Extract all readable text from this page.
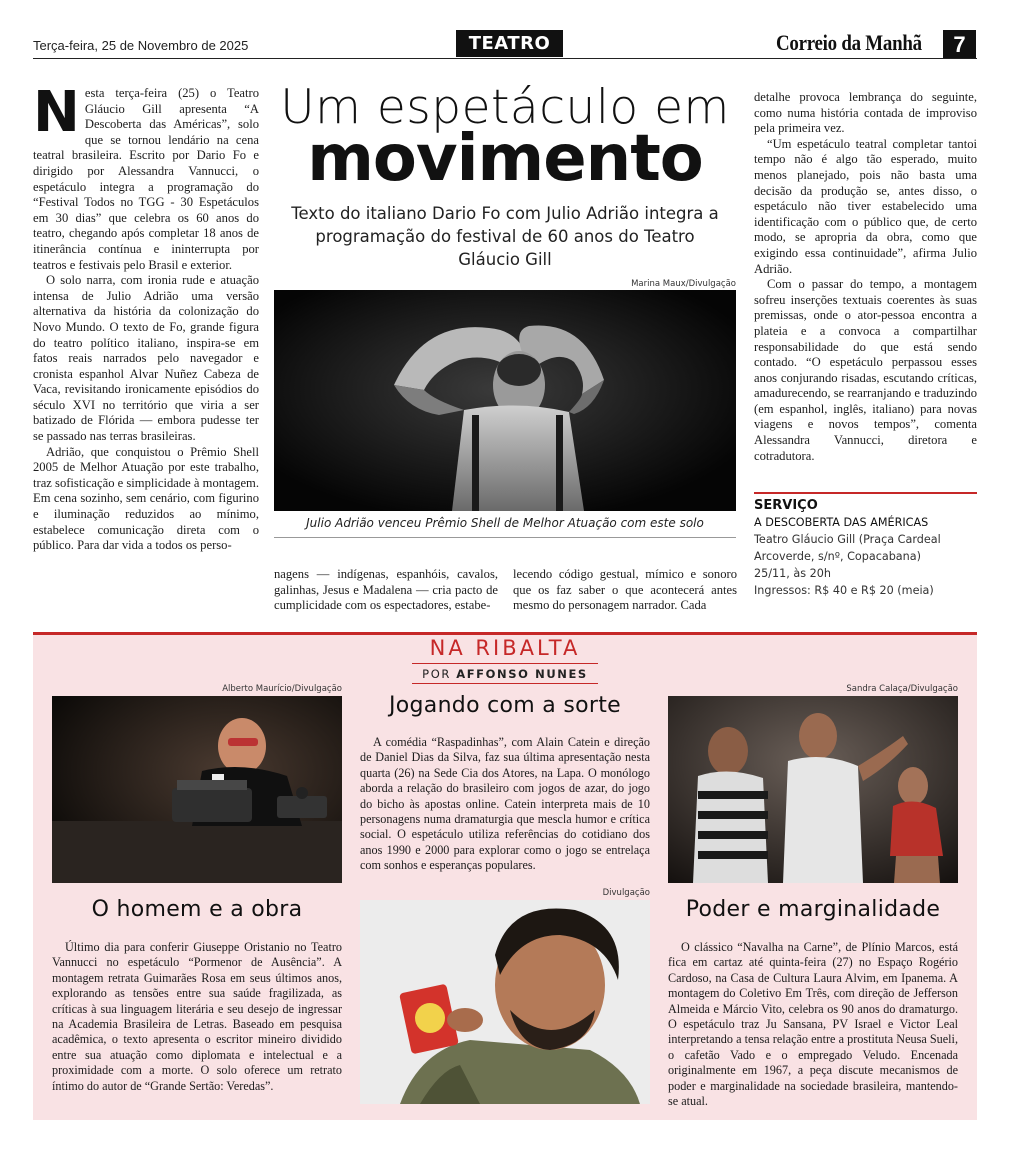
Terça-feira, 25 de Novembro de 2025	TEATRO	Correio da Manhã	7

Nesta terça-feira (25) o Teatro Gláucio Gill apresenta “A Descoberta das Américas”, solo que se tornou lendário na cena teatral brasileira. Escrito por Dario Fo e dirigido por Alessandra Vannucci, o espetáculo integra a programação do “Festival Todos no TGG - 30 Espetáculos em 30 dias” que celebra os 60 anos do teatro, chegando após completar 18 anos de itinerância contínua e ininterrupta por teatros e festivais pelo Brasil e exterior.

O solo narra, com ironia rude e atuação intensa de Julio Adrião uma versão alternativa da história da colonização do Novo Mundo. O texto de Fo, grande figura do teatro político italiano, inspira-se em fatos reais narrados pelo navegador e cronista espanhol Alvar Nuñez Cabeza de Vaca, revisitando ironicamente episódios do século XVI no território que viria a ser batizado de Flórida — embora pudesse ter se passado nas terras brasileiras.

Adrião, que conquistou o Prêmio Shell 2005 de Melhor Atuação por este trabalho, traz sofisticação e simplicidade à montagem. Em cena sozinho, sem cenário, com figurino e iluminação reduzidos ao mínimo, estabelece comunicação direta com o público. Para dar vida a todos os perso-

Um espetáculo em
movimento
Texto do italiano Dario Fo com Julio Adrião integra a programação do festival de 60 anos do Teatro Gláucio Gill
Marina Maux/Divulgação
Julio Adrião venceu Prêmio Shell de Melhor Atuação com este solo

nagens — indígenas, espanhóis, cavalos, galinhas, Jesus e Madalena — cria pacto de cumplicidade com os espectadores, estabe-

lecendo código gestual, mímico e sonoro que os faz saber o que acontecerá antes mesmo do personagem narrador. Cada

detalhe provoca lembrança do seguinte, como numa história contada de improviso pela primeira vez.

“Um espetáculo teatral completar tantoi tempo não é algo tão esperado, muito menos planejado, pois não basta uma decisão da produção se, antes disso, o espetáculo não tiver estabelecido uma identificação com o público que, de certo modo, se apropria da obra, como que exigindo essa continuidade”, afirma Julio Adrião.

Com o passar do tempo, a montagem sofreu inserções textuais coerentes às suas premissas, onde o ator-pessoa encontra a plateia e a convoca a compartilhar responsabilidade do que está sendo contado. “O espetáculo perpassou esses anos conjurando risadas, escutando críticas, amadurecendo, se rearranjando e traduzindo (em espanhol, inglês, italiano) para novas viagens e novos tempos”, comenta Alessandra Vannucci, diretora e cotradutora.

SERVIÇO
A DESCOBERTA DAS AMÉRICAS
Teatro Gláucio Gill (Praça Cardeal
Arcoverde, s/nº, Copacabana)
25/11, às 20h
Ingressos: R$ 40 e R$ 20 (meia)
NA RIBALTA
POR AFFONSO NUNES
Alberto Maurício/Divulgação
O homem e a obra

Último dia para conferir Giuseppe Oristanio no Teatro Vannucci no espetáculo “Pormenor de Ausência”. A montagem retrata Guimarães Rosa em seus últimos anos, explorando as tensões entre sua saúde fragilizada, as críticas à sua linguagem literária e seu desejo de ingressar na Academia Brasileira de Letras. Baseado em pesquisa acadêmica, o texto apresenta o escritor mineiro dividido entre sua atuação como diplomata e intelectual e a proximidade com a morte. O solo oferece um retrato íntimo do autor de “Grande Sertão: Veredas”.

Jogando com a sorte

A comédia “Raspadinhas”, com Alain Catein e direção de Daniel Dias da Silva, faz sua última apresentação nesta quarta (26) na Sede Cia dos Atores, na Lapa. O monólogo aborda a relação do brasileiro com jogos de azar, do jogo do bicho às apostas online. Catein interpreta mais de 10 personagens numa dramaturgia que mescla humor e crítica social. O espetáculo utiliza referências do cotidiano dos anos 1990 e 2000 para explorar como o jogo se entrelaça com sonhos e esperanças populares.

Divulgação
Sandra Calaça/Divulgação
Poder e marginalidade

O clássico “Navalha na Carne”, de Plínio Marcos, está fica em cartaz até quinta-feira (27) no Espaço Rogério Cardoso, na Casa de Cultura Laura Alvim, em Ipanema. A montagem do Coletivo Em Três, com direção de Jefferson Almeida e Márcio Vito, celebra os 90 anos do dramaturgo. O espetáculo traz Ju Sansana, PV Israel e Victor Leal interpretando a tensa relação entre a prostituta Neusa Sueli, o cafetão Vado e o empregado Veludo. Encenada originalmente em 1967, a peça discute mecanismos de poder e marginalidade na sociedade brasileira, mantendo-se atual.
